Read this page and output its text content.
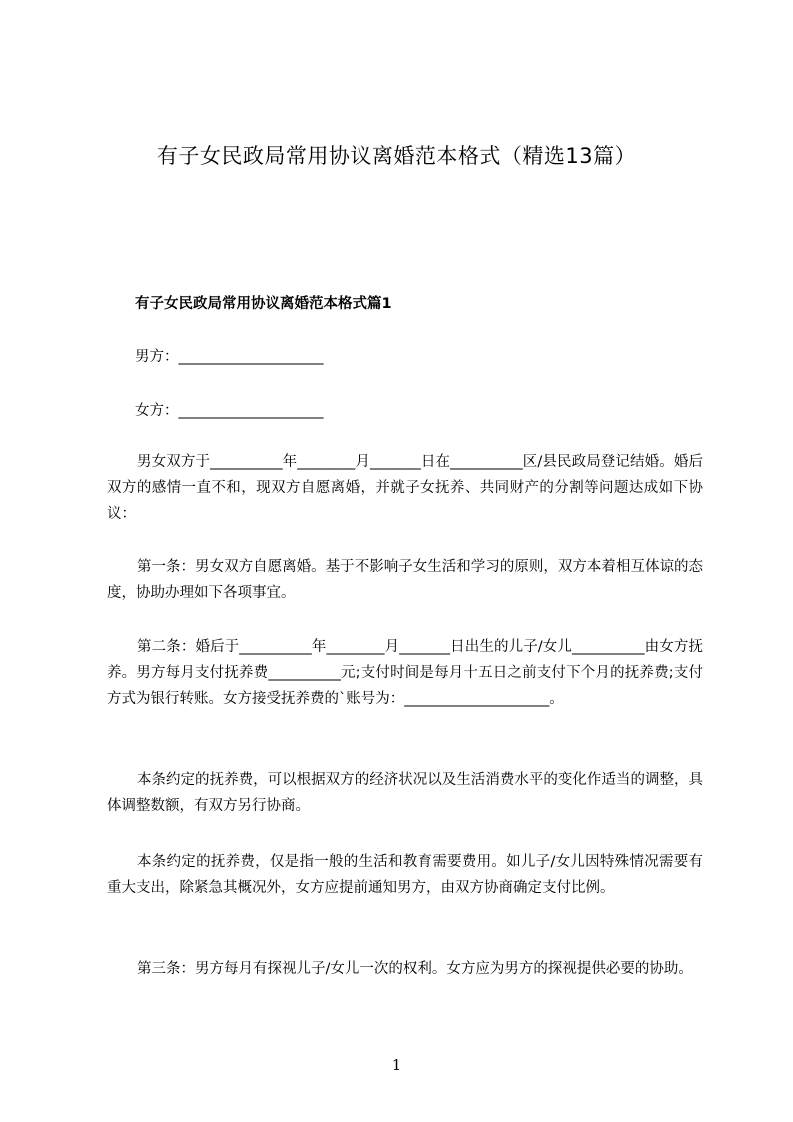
有子女民政局常用协议离婚范本格式（精选13篇）
有子女民政局常用协议离婚范本格式篇1
男方：____________________
女方：____________________

男女双方于__________年________月_______日在__________区/县民政局登记结婚。婚后双方的感情一直不和，现双方自愿离婚，并就子女抚养、共同财产的分割等问题达成如下协议：

第一条：男女双方自愿离婚。基于不影响子女生活和学习的原则，双方本着相互体谅的态度，协助办理如下各项事宜。

第二条：婚后于__________年________月_______日出生的儿子/女儿__________由女方抚养。男方每月支付抚养费__________元;支付时间是每月十五日之前支付下个月的抚养费;支付方式为银行转账。女方接受抚养费的`账号为：____________________。

本条约定的抚养费，可以根据双方的经济状况以及生活消费水平的变化作适当的调整，具体调整数额，有双方另行协商。

本条约定的抚养费，仅是指一般的生活和教育需要费用。如儿子/女儿因特殊情况需要有重大支出，除紧急其概况外，女方应提前通知男方，由双方协商确定支付比例。

第三条：男方每月有探视儿子/女儿一次的权利。女方应为男方的探视提供必要的协助。

1
